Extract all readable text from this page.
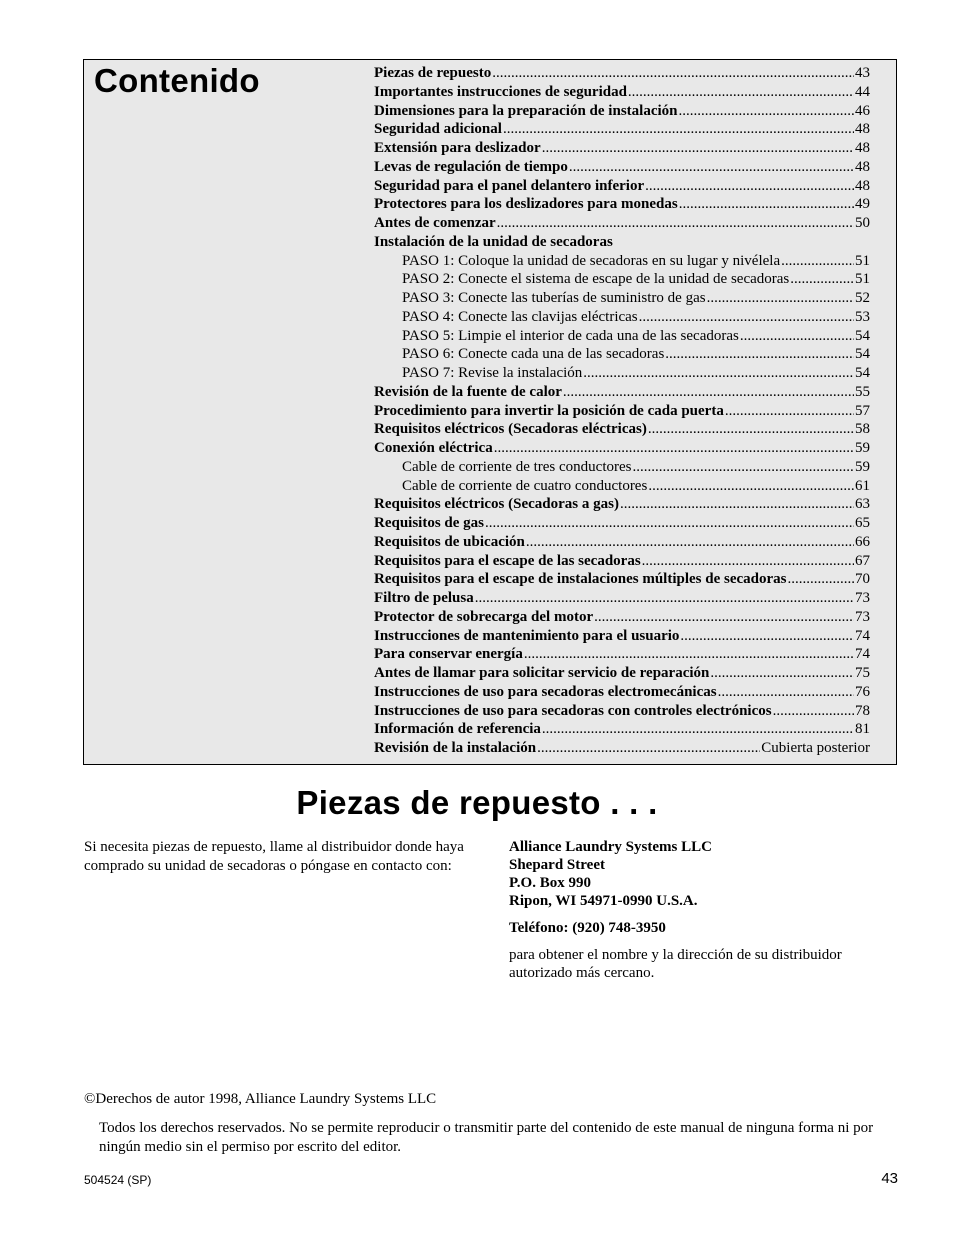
Contenido	Piezas de repuesto .....	43
Importantes instrucciones de seguridad .....	44
Dimensiones para la preparación de instalación .....	46
Seguridad adicional .....	48
Extensión para deslizador .....	48
Levas de regulación de tiempo .....	48
Seguridad para el panel delantero inferior .....	48
Protectores para los deslizadores para monedas .....	49
Antes de comenzar .....	50
Instalación de la unidad de secadoras
PASO 1: Coloque la unidad de secadoras en su lugar y nivélela .....	51
PASO 2: Conecte el sistema de escape de la unidad de secadoras .....	51
PASO 3: Conecte las tuberías de suministro de gas .....	52
PASO 4: Conecte las clavijas eléctricas .....	53
PASO 5: Limpie el interior de cada una de las secadoras .....	54
PASO 6: Conecte cada una de las secadoras .....	54
PASO 7: Revise la instalación .....	54
Revisión de la fuente de calor .....	55
Procedimiento para invertir la posición de cada puerta .....	57
Requisitos eléctricos (Secadoras eléctricas) .....	58
Conexión eléctrica .....	59
Cable de corriente de tres conductores .....	59
Cable de corriente de cuatro conductores .....	61
Requisitos eléctricos (Secadoras a gas) .....	63
Requisitos de gas .....	65
Requisitos de ubicación .....	66
Requisitos para el escape de las secadoras .....	67
Requisitos para el escape de instalaciones múltiples de secadoras .....	70
Filtro de pelusa .....	73
Protector de sobrecarga del motor .....	73
Instrucciones de mantenimiento para el usuario .....	74
Para conservar energía .....	74
Antes de llamar para solicitar servicio de reparación .....	75
Instrucciones de uso para secadoras electromecánicas .....	76
Instrucciones de uso para secadoras con controles electrónicos .....	78
Información de referencia .....	81
Revisión de la instalación .....	Cubierta posterior
Piezas de repuesto . . .

Si necesita piezas de repuesto, llame al distribuidor donde haya comprado su unidad de secadoras o póngase en contacto con:

Alliance Laundry Systems LLC

Shepard Street

P.O. Box 990

Ripon, WI 54971-0990 U.S.A.

Teléfono: (920) 748-3950

para obtener el nombre y la dirección de su distribuidor autorizado más cercano.

©Derechos de autor 1998, Alliance Laundry Systems LLC

Todos los derechos reservados. No se permite reproducir o transmitir parte del contenido de este manual de ninguna forma ni por ningún medio sin el permiso por escrito del editor.

504524 (SP)	43
